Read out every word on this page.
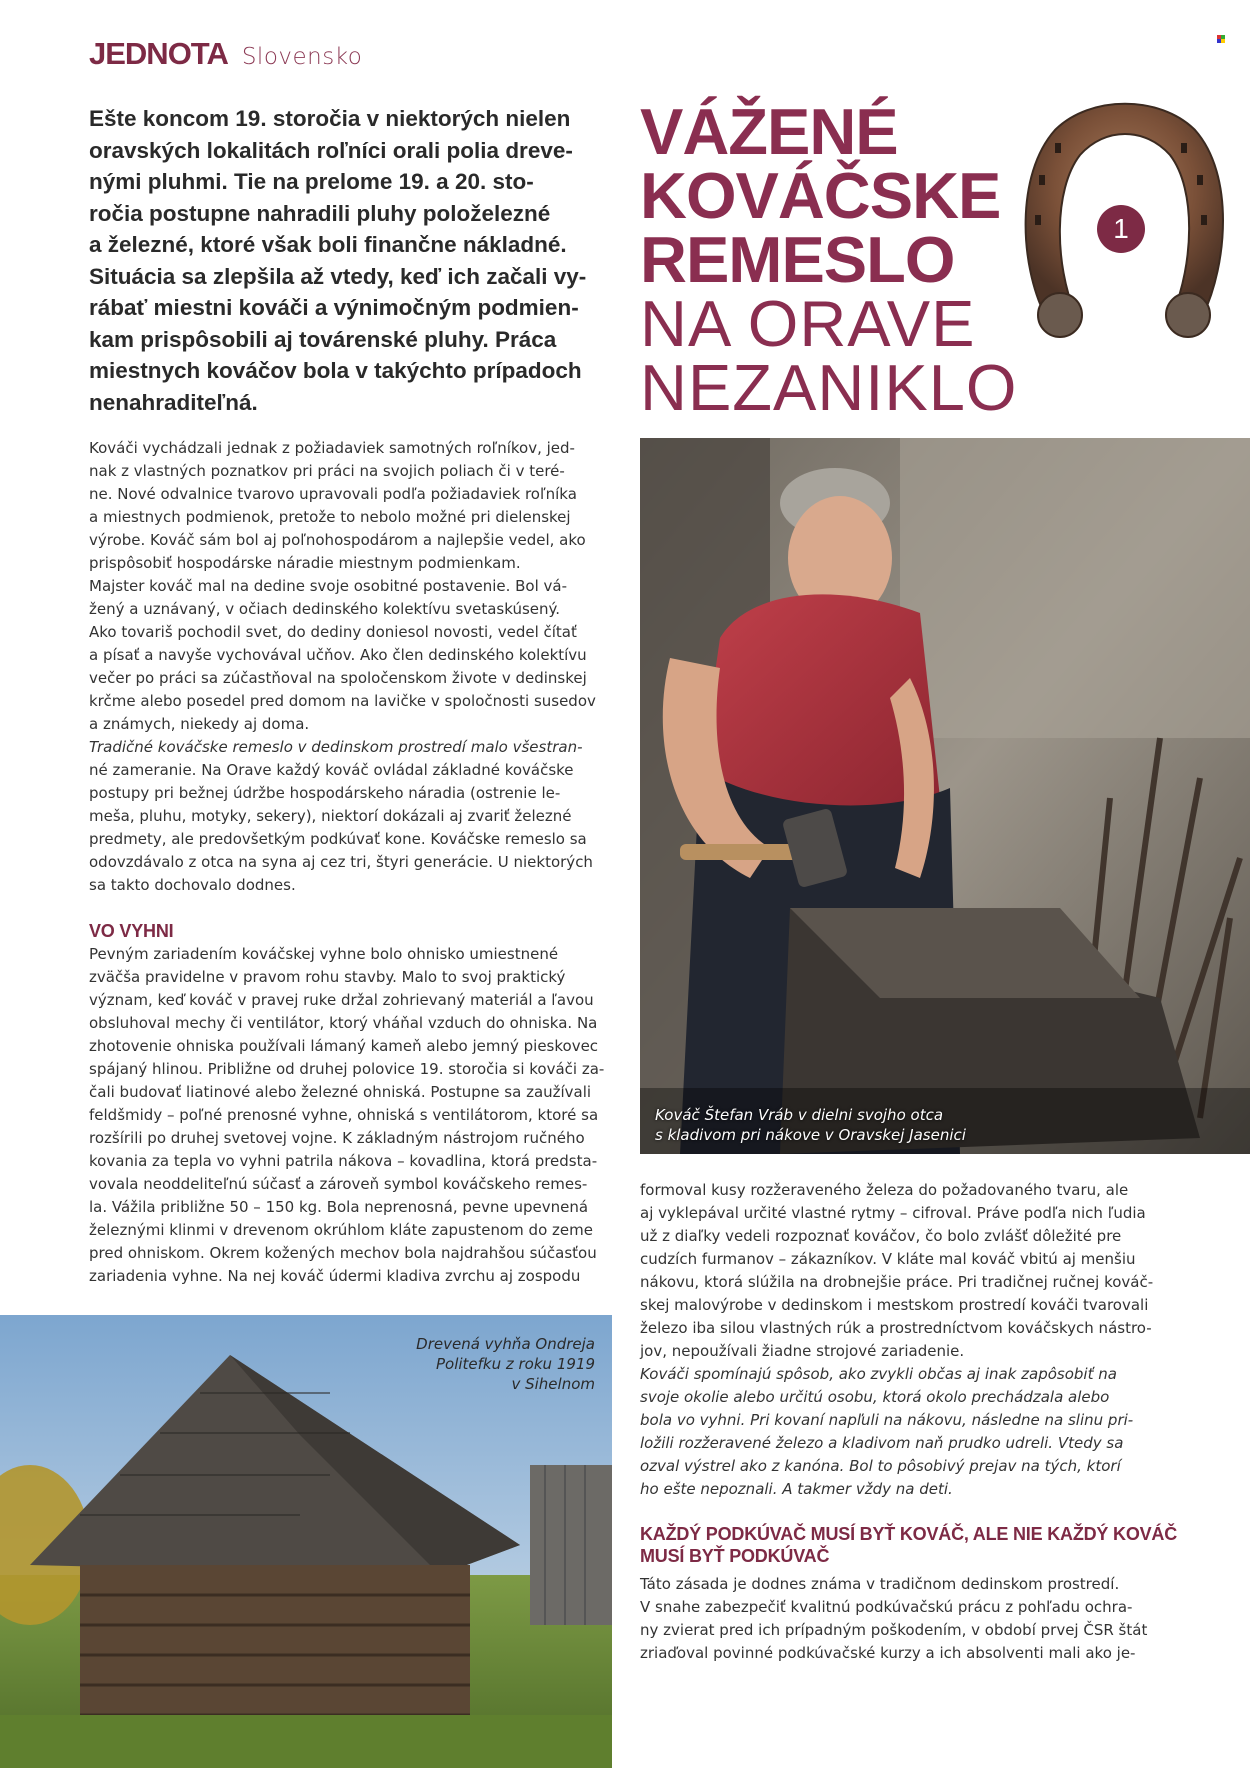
JEDNOTA Slovensko
Ešte koncom 19. storočia v niektorých nielen
oravských lokalitách roľníci orali polia dreve-
nými pluhmi. Tie na prelome 19. a 20. sto-
ročia postupne nahradili pluhy položelezné
a železné, ktoré však boli finančne nákladné.
Situácia sa zlepšila až vtedy, keď ich začali vy-
rábať miestni kováči a výnimočným podmien-
kam prispôsobili aj továrenské pluhy. Práca
miestnych kováčov bola v takýchto prípadoch
nenahraditeľná.
VÁŽENÉ
KOVÁČSKE
REMESLO
NA ORAVE
NEZANIKLO
1
Kováči vychádzali jednak z požiadaviek samotných roľníkov, jed-
nak z vlastných poznatkov pri práci na svojich poliach či v teré-
ne. Nové odvalnice tvarovo upravovali podľa požiadaviek roľníka
a miestnych podmienok, pretože to nebolo možné pri dielenskej
výrobe. Kováč sám bol aj poľnohospodárom a najlepšie vedel, ako
prispôsobiť hospodárske náradie miestnym podmienkam.
Majster kováč mal na dedine svoje osobitné postavenie. Bol vá-
žený a uznávaný, v očiach dedinského kolektívu svetaskúsený.
Ako tovariš pochodil svet, do dediny doniesol novosti, vedel čítať
a písať a navyše vychovával učňov. Ako člen dedinského kolektívu
večer po práci sa zúčastňoval na spoločenskom živote v dedinskej
krčme alebo posedel pred domom na lavičke v spoločnosti susedov
a známych, niekedy aj doma.
Tradičné kováčske remeslo v dedinskom prostredí malo všestran-
né zameranie. Na Orave každý kováč ovládal základné kováčske
postupy pri bežnej údržbe hospodárskeho náradia (ostrenie le-
meša, pluhu, motyky, sekery), niektorí dokázali aj zvariť železné
predmety, ale predovšetkým podkúvať kone. Kováčske remeslo sa
odovzdávalo z otca na syna aj cez tri, štyri generácie. U niektorých
sa takto dochovalo dodnes.
VO VYHNI
Pevným zariadením kováčskej vyhne bolo ohnisko umiestnené
zväčša pravidelne v pravom rohu stavby. Malo to svoj praktický
význam, keď kováč v pravej ruke držal zohrievaný materiál a ľavou
obsluhoval mechy či ventilátor, ktorý vháňal vzduch do ohniska. Na
zhotovenie ohniska používali lámaný kameň alebo jemný pieskovec
spájaný hlinou. Približne od druhej polovice 19. storočia si kováči za-
čali budovať liatinové alebo železné ohniská. Postupne sa zaužívali
feldšmidy – poľné prenosné vyhne, ohniská s ventilátorom, ktoré sa
rozšírili po druhej svetovej vojne. K základným nástrojom ručného
kovania za tepla vo vyhni patrila nákova – kovadlina, ktorá predsta-
vovala neoddeliteľnú súčasť a zároveň symbol kováčskeho remes-
la. Vážila približne 50 – 150 kg. Bola neprenosná, pevne upevnená
železnými klinmi v drevenom okrúhlom kláte zapustenom do zeme
pred ohniskom. Okrem kožených mechov bola najdrahšou súčasťou
zariadenia vyhne. Na nej kováč údermi kladiva zvrchu aj zospodu
Kováč Štefan Vráb v dielni svojho otca
s kladivom pri nákove v Oravskej Jasenici
formoval kusy rozžeraveného železa do požadovaného tvaru, ale
aj vyklepával určité vlastné rytmy – cifroval. Práve podľa nich ľudia
už z diaľky vedeli rozpoznať kováčov, čo bolo zvlášť dôležité pre
cudzích furmanov – zákazníkov. V kláte mal kováč vbitú aj menšiu
nákovu, ktorá slúžila na drobnejšie práce. Pri tradičnej ručnej kováč-
skej malovýrobe v dedinskom i mestskom prostredí kováči tvarovali
železo iba silou vlastných rúk a prostredníctvom kováčskych nástro-
jov, nepoužívali žiadne strojové zariadenie.
Kováči spomínajú spôsob, ako zvykli občas aj inak zapôsobiť na
svoje okolie alebo určitú osobu, ktorá okolo prechádzala alebo
bola vo vyhni. Pri kovaní napľuli na nákovu, následne na slinu pri-
ložili rozžeravené železo a kladivom naň prudko udreli. Vtedy sa
ozval výstrel ako z kanóna. Bol to pôsobivý prejav na tých, ktorí
ho ešte nepoznali. A takmer vždy na deti.
KAŽDÝ PODKÚVAČ MUSÍ BYŤ KOVÁČ, ALE NIE KAŽDÝ KOVÁČ
MUSÍ BYŤ PODKÚVAČ
Táto zásada je dodnes známa v tradičnom dedinskom prostredí.
V snahe zabezpečiť kvalitnú podkúvačskú prácu z pohľadu ochra-
ny zvierat pred ich prípadným poškodením, v období prvej ČSR štát
zriaďoval povinné podkúvačské kurzy a ich absolventi mali ako je-
Drevená vyhňa Ondreja
Politefku z roku 1919
v Sihelnom
